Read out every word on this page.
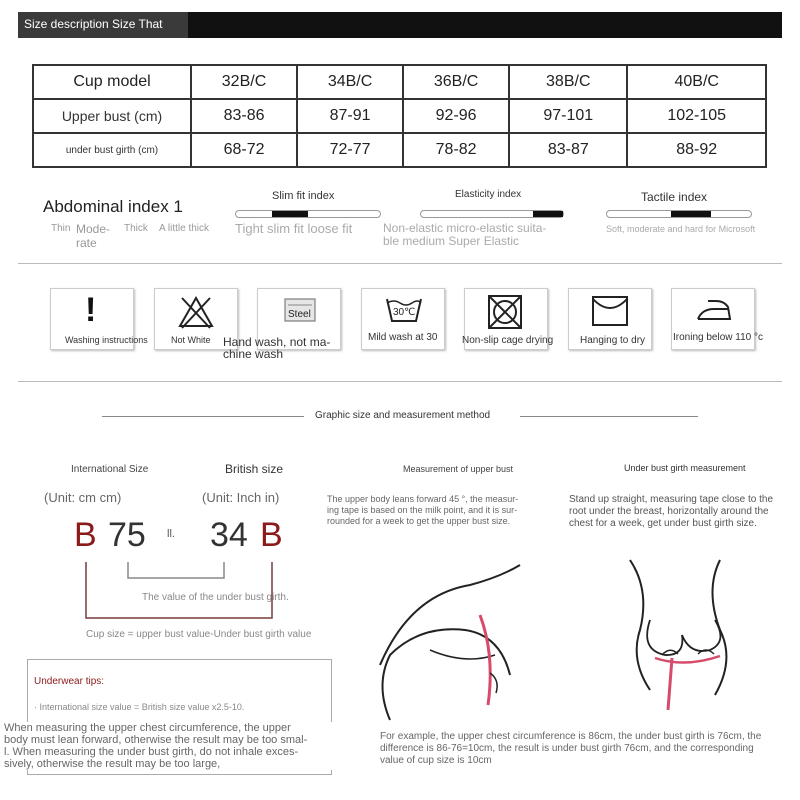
Size description Size That
Cup model	32B/C	34B/C	36B/C	38B/C	40B/C
Upper bust (cm)	83-86	87-91	92-96	97-101	102-105
under bust girth (cm)	68-72	72-77	78-82	83-87	88-92
Abdominal index 1
Thin Mode-
rate
Thick A little thick
Slim fit index
Tight slim fit loose fit
Elasticity index
Non-elastic micro-elastic suita-
ble medium Super Elastic
Tactile index
Soft, moderate and hard for Microsoft
!
Washing instructions	Not White
Steel
Hand wash, not ma-
chine wash
30℃
Mild wash at 30 Non-slip cage drying	Hanging to dry	Ironing below 110 °c
Graphic size and measurement method
International Size	British size
(Unit: cm cm)	(Unit: Inch in)
B 75 ll. 34 B
The value of the under bust girth.
Cup size = upper bust value-Under bust girth value
Underwear tips:
· International size value = British size value x2.5-10.
When measuring the upper chest circumference, the upper
body must lean forward, otherwise the result may be too smal-
l. When measuring the under bust girth, do not inhale exces-
sively, otherwise the result may be too large,
Measurement of upper bust
The upper body leans forward 45 °, the measur-
ing tape is based on the milk point, and it is sur-
rounded for a week to get the upper bust size.
Under bust girth measurement
Stand up straight, measuring tape close to the
root under the breast, horizontally around the
chest for a week, get under bust girth size.
For example, the upper chest circumference is 86cm, the under bust girth is 76cm, the
difference is 86-76=10cm, the result is under bust girth 76cm, and the corresponding
value of cup size is 10cm
